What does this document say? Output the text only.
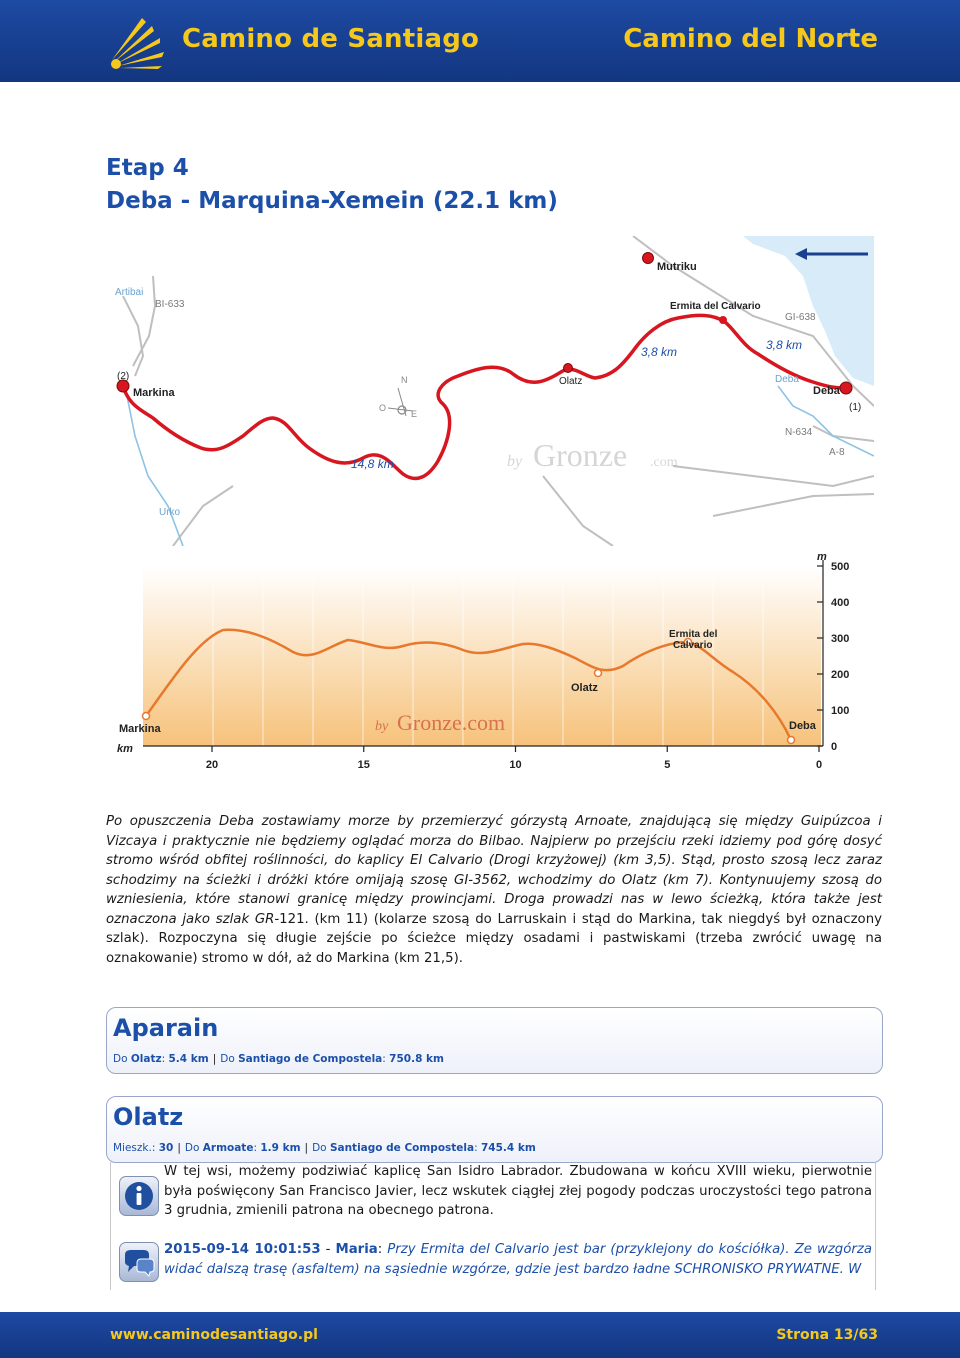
Camino de Santiago	Camino del Norte
Etap 4
Deba - Marquina-Xemein (22.1 km)
Mutriku
Ermita del Calvario
GI-638
3,8 km	3,8 km
Deba
Deba
(1)
N-634
A-8
Olatz
Artibai
BI-633
(2)
Markina
N
O
E
14,8 km
Urko
by Gronze .com
m
500
400
300
200
100
0
km
20	15	10	5	0
Markina
Olatz
Ermita del
Calvario
Deba
by Gronze.com
Po opuszczenia Deba zostawiamy morze by przemierzyć górzystą Arnoate, znajdującą się między Guipúzcoa i Vizcaya i praktycznie nie będziemy oglądać morza do Bilbao. Najpierw po przejściu rzeki idziemy pod górę dosyć stromo wśród obfitej roślinności, do kaplicy El Calvario (Drogi krzyżowej) (km 3,5). Stąd, prosto szosą lecz zaraz schodzimy na ścieżki i dróżki które omijają szosę GI-3562, wchodzimy do Olatz (km 7). Kontynuujemy szosą do wzniesienia, które stanowi granicę między prowincjami. Droga prowadzi nas w lewo ścieżką, która także jest oznaczona jako szlak GR-121. (km 11) (kolarze szosą do Larruskain i stąd do Markina, tak niegdyś był oznaczony szlak). Rozpoczyna się długie zejście po ścieżce między osadami i pastwiskami (trzeba zwrócić uwagę na oznakowanie) stromo w dół, aż do Markina (km 21,5).
Aparain
Do Olatz: 5.4 km | Do Santiago de Compostela: 750.8 km
Olatz
Mieszk.: 30 | Do Armoate: 1.9 km | Do Santiago de Compostela: 745.4 km
W tej wsi, możemy podziwiać kaplicę San Isidro Labrador. Zbudowana w końcu XVIII wieku, pierwotnie była poświęcony San Francisco Javier, lecz wskutek ciągłej złej pogody podczas uroczystości tego patrona 3 grudnia, zmienili patrona na obecnego patrona.
2015-09-14 10:01:53 - Maria: Przy Ermita del Calvario jest bar (przyklejony do kościółka). Ze wzgórza widać dalszą trasę (asfaltem) na sąsiednie wzgórze, gdzie jest bardzo ładne SCHRONISKO PRYWATNE. W
www.caminodesantiago.pl	Strona 13/63
